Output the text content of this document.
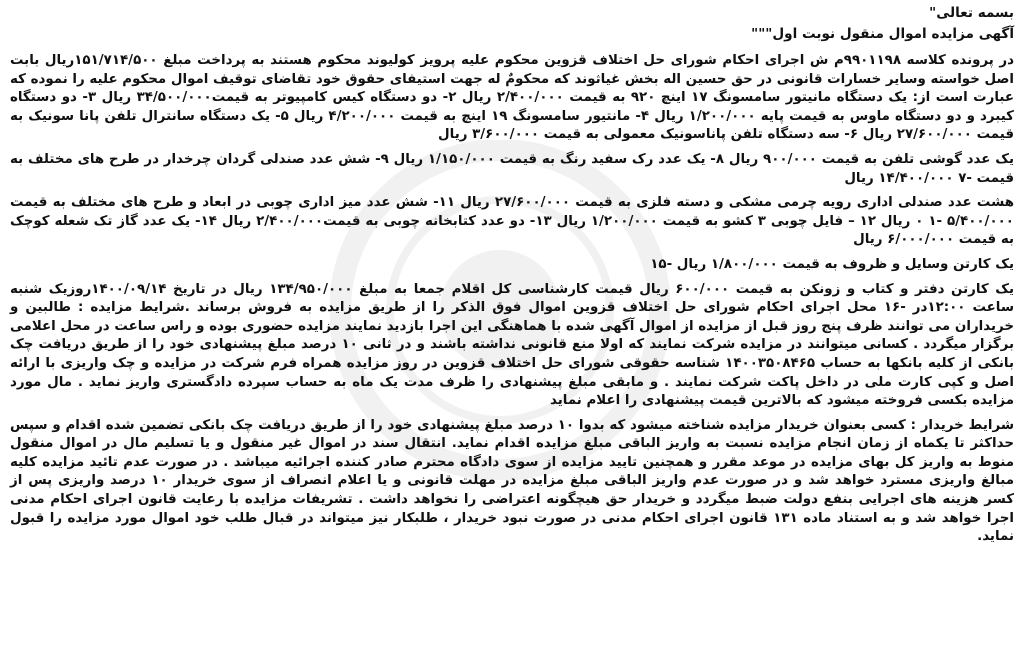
بسمه تعالی"

آگهی مزایده اموال منقول نوبت اول"""

در پرونده کلاسه ۹۹۰۱۱۹۸م ش اجرای احکام شورای حل اختلاف قزوین محکوم علیه پرویز کولیوند محکوم هستند به پرداخت مبلغ ۱۵۱/۷۱۴/۵۰۰ریال بابت اصل خواسته وسایر خسارات قانونی در حق حسین اله بخش غیاثوند که محکومٌ له جهت استیفای حقوق خود تقاضای توقیف اموال محکوم علیه را نموده که عبارت است از: یک دستگاه مانیتور سامسونگ ۱۷ اینچ ۹۲۰ به قیمت ۲/۴۰۰/۰۰۰ ریال ۲- دو دستگاه کیس کامپیوتر به قیمت۳۴/۵۰۰/۰۰۰ ریال ۳- دو دستگاه کیبرد و دو دستگاه ماوس به قیمت پایه ۱/۲۰۰/۰۰۰ ریال ۴- مانتیور سامسونگ ۱۹ اینچ به قیمت ۴/۲۰۰/۰۰۰ ریال ۵- یک دستگاه سانترال تلفن پانا سونیک به قیمت ۲۷/۶۰۰/۰۰۰ ریال ۶- سه دستگاه تلفن پاناسونیک معمولی به قیمت ۳/۶۰۰/۰۰۰ ریال

یک عدد گوشی تلفن به قیمت ۹۰۰/۰۰۰ ریال ۸- یک عدد رک سفید رنگ به قیمت ۱/۱۵۰/۰۰۰ ریال ۹- شش عدد صندلی گردان چرخدار در طرح های مختلف به قیمت -۷ ۱۴/۴۰۰/۰۰۰ ریال

هشت عدد صندلی اداری رویه چرمی مشکی و دسته فلزی به قیمت ۲۷/۶۰۰/۰۰۰ ریال ۱۱- شش عدد میز اداری چوبی در ابعاد و طرح های مختلف به قیمت ۵/۴۰۰/۰۰۰ -۱ ۰ ریال ۱۲ – فایل چوبی ۳ کشو به قیمت ۱/۲۰۰/۰۰۰ ریال ۱۳- دو عدد کتابخانه چوبی به قیمت۲/۴۰۰/۰۰۰ ریال ۱۴- یک عدد گاز تک شعله کوچک به قیمت ۶/۰۰۰/۰۰۰ ریال

یک کارتن وسایل و ظروف به قیمت ۱/۸۰۰/۰۰۰ ریال -۱۵

یک کارتن دفتر و کتاب و زونکن به قیمت ۶۰۰/۰۰۰ ریال قیمت کارشناسی کل اقلام جمعا به مبلغ ۱۳۴/۹۵۰/۰۰۰ ریال در تاریخ ۱۴۰۰/۰۹/۱۴روزیک شنبه ساعت ۱۲:۰۰در -۱۶ محل اجرای احکام شورای حل اختلاف قزوین اموال فوق الذکر را از طریق مزایده به فروش برساند .شرایط مزایده : طالبین و خریداران می توانند ظرف پنج روز قبل از مزایده از اموال آگهی شده با هماهنگی این اجرا بازدید نمایند مزایده حضوری بوده و راس ساعت در محل اعلامی برگزار میگردد . کسانی میتوانند در مزایده شرکت نمایند که اولا منع قانونی نداشته باشند و در ثانی ۱۰ درصد مبلغ پیشنهادی خود را از طریق دریافت چک بانکی از کلیه بانکها به حساب ۱۴۰۰۳۵۰۸۴۶۵ شناسه حقوقی شورای حل اختلاف قزوین در روز مزایده همراه فرم شرکت در مزایده و چک واریزی با ارائه اصل و کپی کارت ملی در داخل پاکت شرکت نمایند . و مابقی مبلغ پیشنهادی را ظرف مدت یک ماه به حساب سپرده دادگستری واریز نماید . مال مورد مزایده بکسی فروخته میشود که بالاترین قیمت پیشنهادی را اعلام نماید

شرایط خریدار : کسی بعنوان خریدار مزایده شناخته میشود که بدوا ۱۰ درصد مبلغ پیشنهادی خود را از طریق دریافت چک بانکی تضمین شده اقدام و سپس حداکثر تا یکماه از زمان انجام مزایده نسبت به واریز الباقی مبلغ مزایده اقدام نماید. انتقال سند در اموال غیر منقول و یا تسلیم مال در اموال منقول منوط به واریز کل بهای مزایده در موعد مقرر و همچنین تایید مزایده از سوی دادگاه محترم صادر کننده اجرائیه میباشد . در صورت عدم تائید مزایده کلیه مبالغ واریزی مسترد خواهد شد و در صورت عدم واریز الباقی مبلغ مزایده در مهلت قانونی و یا اعلام انصراف از سوی خریدار ۱۰ درصد واریزی پس از کسر هزینه های اجرایی بنفع دولت ضبط میگردد و خریدار حق هیچگونه اعتراضی را نخواهد داشت . تشریفات مزایده با رعایت قانون اجرای احکام مدنی اجرا خواهد شد و به استناد ماده ۱۳۱ قانون اجرای احکام مدنی در صورت نبود خریدار ، طلبکار نیز میتواند در قبال طلب خود اموال مورد مزایده را قبول نماید.
